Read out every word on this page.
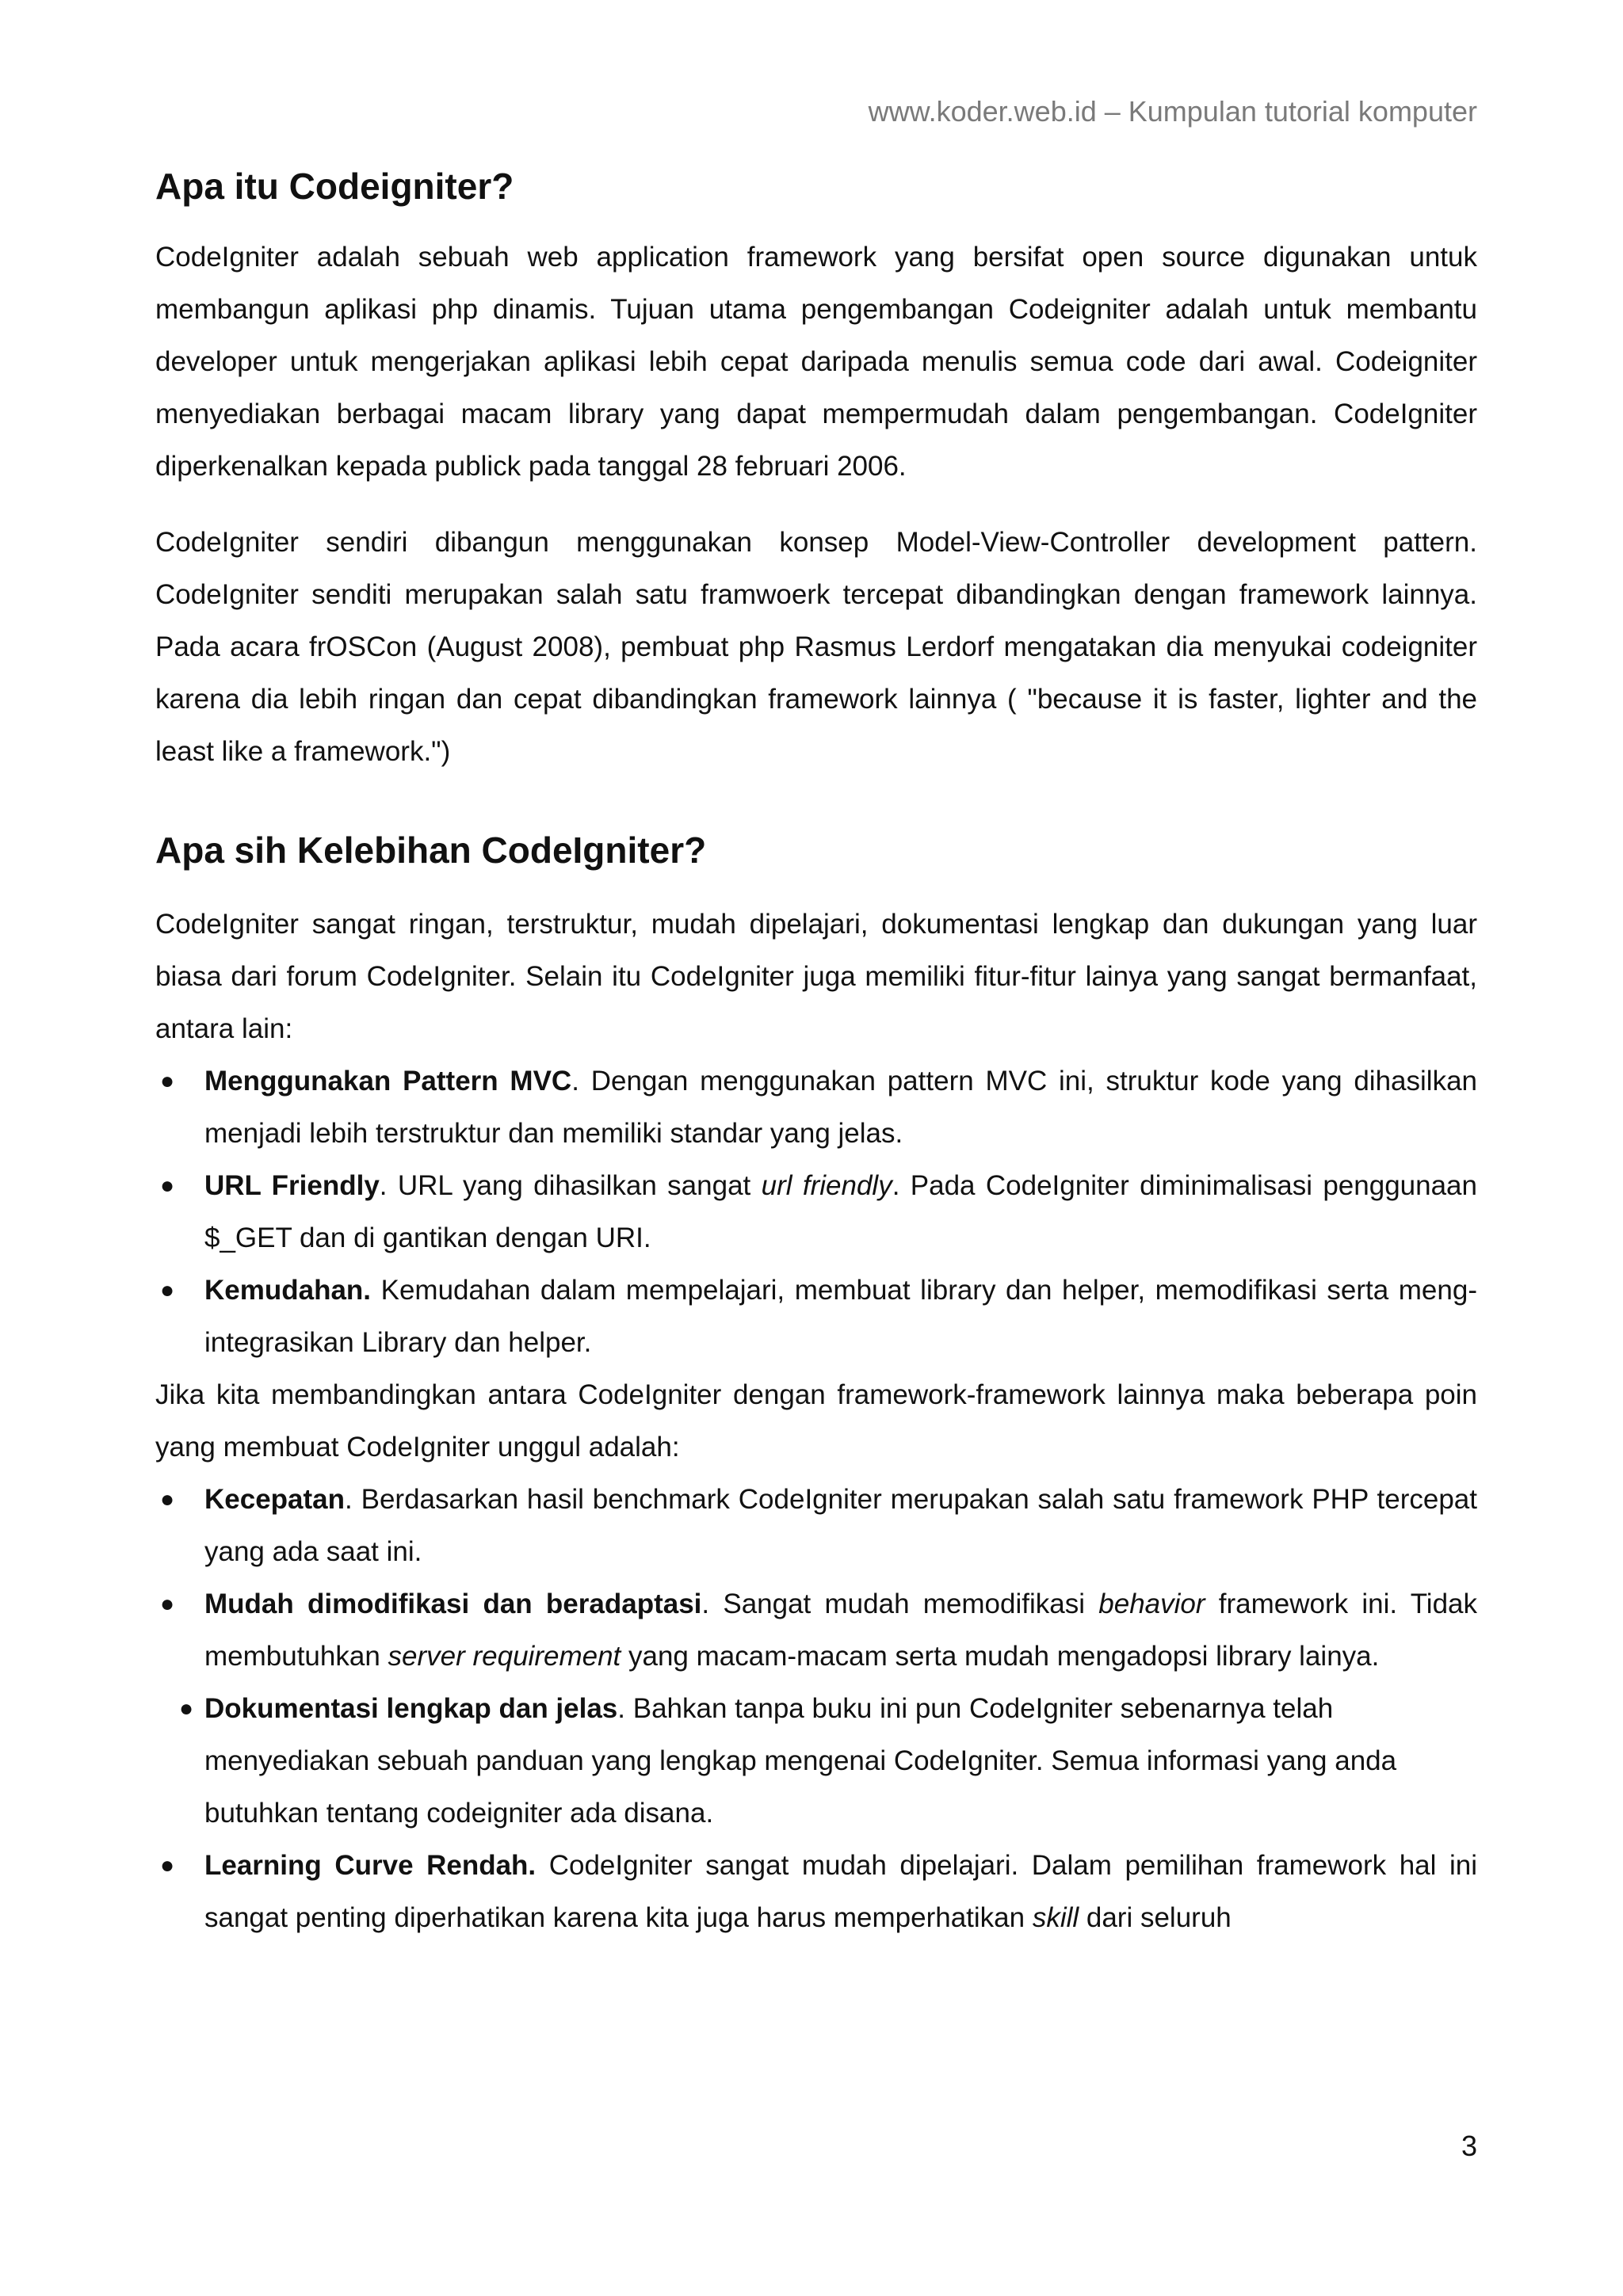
www.koder.web.id – Kumpulan tutorial komputer
Apa itu Codeigniter?

CodeIgniter adalah sebuah web application framework yang bersifat open source digunakan untuk membangun aplikasi php dinamis. Tujuan utama pengembangan Codeigniter adalah untuk membantu developer untuk mengerjakan aplikasi lebih cepat daripada menulis semua code dari awal. Codeigniter menyediakan berbagai macam library yang dapat mempermudah dalam pengembangan. CodeIgniter diperkenalkan kepada publick pada tanggal 28 februari 2006.

CodeIgniter sendiri dibangun menggunakan konsep Model-View-Controller development pattern. CodeIgniter senditi merupakan salah satu framwoerk tercepat dibandingkan dengan framework lainnya. Pada acara frOSCon (August 2008), pembuat php Rasmus Lerdorf mengatakan dia menyukai codeigniter karena dia lebih ringan dan cepat dibandingkan framework lainnya ( "because it is faster, lighter and the least like a framework.")

Apa sih Kelebihan CodeIgniter?

CodeIgniter sangat ringan, terstruktur, mudah dipelajari, dokumentasi lengkap dan dukungan yang luar biasa dari forum CodeIgniter. Selain itu CodeIgniter juga memiliki fitur-fitur lainya yang sangat bermanfaat, antara lain:

● Menggunakan Pattern MVC. Dengan menggunakan pattern MVC ini, struktur kode yang dihasilkan menjadi lebih terstruktur dan memiliki standar yang jelas.
● URL Friendly. URL yang dihasilkan sangat url friendly. Pada CodeIgniter diminimalisasi penggunaan $_GET dan di gantikan dengan URI.
● Kemudahan. Kemudahan dalam mempelajari, membuat library dan helper, memodifikasi serta meng-integrasikan Library dan helper.

Jika kita membandingkan antara CodeIgniter dengan framework-framework lainnya maka beberapa poin yang membuat CodeIgniter unggul adalah:

● Kecepatan. Berdasarkan hasil benchmark CodeIgniter merupakan salah satu framework PHP tercepat yang ada saat ini.
● Mudah dimodifikasi dan beradaptasi. Sangat mudah memodifikasi behavior framework ini. Tidak membutuhkan server requirement yang macam-macam serta mudah mengadopsi library lainya.
● Dokumentasi lengkap dan jelas. Bahkan tanpa buku ini pun CodeIgniter sebenarnya telah menyediakan sebuah panduan yang lengkap mengenai CodeIgniter. Semua informasi yang anda butuhkan tentang codeigniter ada disana.
● Learning Curve Rendah. CodeIgniter sangat mudah dipelajari. Dalam pemilihan framework hal ini sangat penting diperhatikan karena kita juga harus memperhatikan skill dari seluruh
3
